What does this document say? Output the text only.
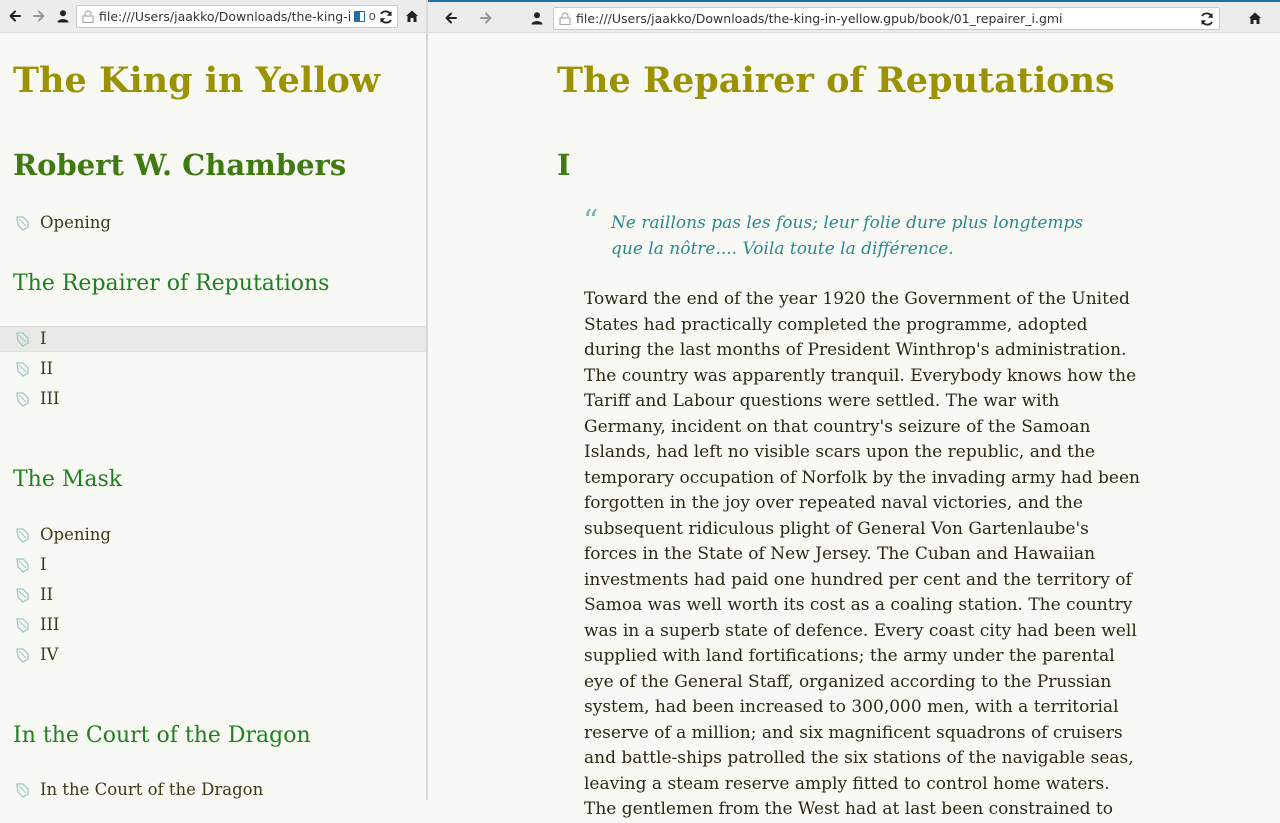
file:///Users/jaakko/Downloads/the-king-i o
The King in Yellow
Robert W. Chambers
Opening
The Repairer of Reputations
I
II
III
The Mask
Opening
I
II
III
IV
In the Court of the Dragon
In the Court of the Dragon
file:///Users/jaakko/Downloads/the-king-in-yellow.gpub/book/01_repairer_i.gmi
The Repairer of Reputations
I
“ Ne raillons pas les fous; leur folie dure plus longtemps que la nôtre.... Voila toute la différence.
Toward the end of the year 1920 the Government of the United States had practically completed the programme, adopted during the last months of President Winthrop's administration. The country was apparently tranquil. Everybody knows how the Tariff and Labour questions were settled. The war with Germany, incident on that country's seizure of the Samoan Islands, had left no visible scars upon the republic, and the temporary occupation of Norfolk by the invading army had been forgotten in the joy over repeated naval victories, and the subsequent ridiculous plight of General Von Gartenlaube's forces in the State of New Jersey. The Cuban and Hawaiian investments had paid one hundred per cent and the territory of Samoa was well worth its cost as a coaling station. The country was in a superb state of defence. Every coast city had been well supplied with land fortifications; the army under the parental eye of the General Staff, organized according to the Prussian system, had been increased to 300,000 men, with a territorial reserve of a million; and six magnificent squadrons of cruisers and battle-ships patrolled the six stations of the navigable seas, leaving a steam reserve amply fitted to control home waters. The gentlemen from the West had at last been constrained to
